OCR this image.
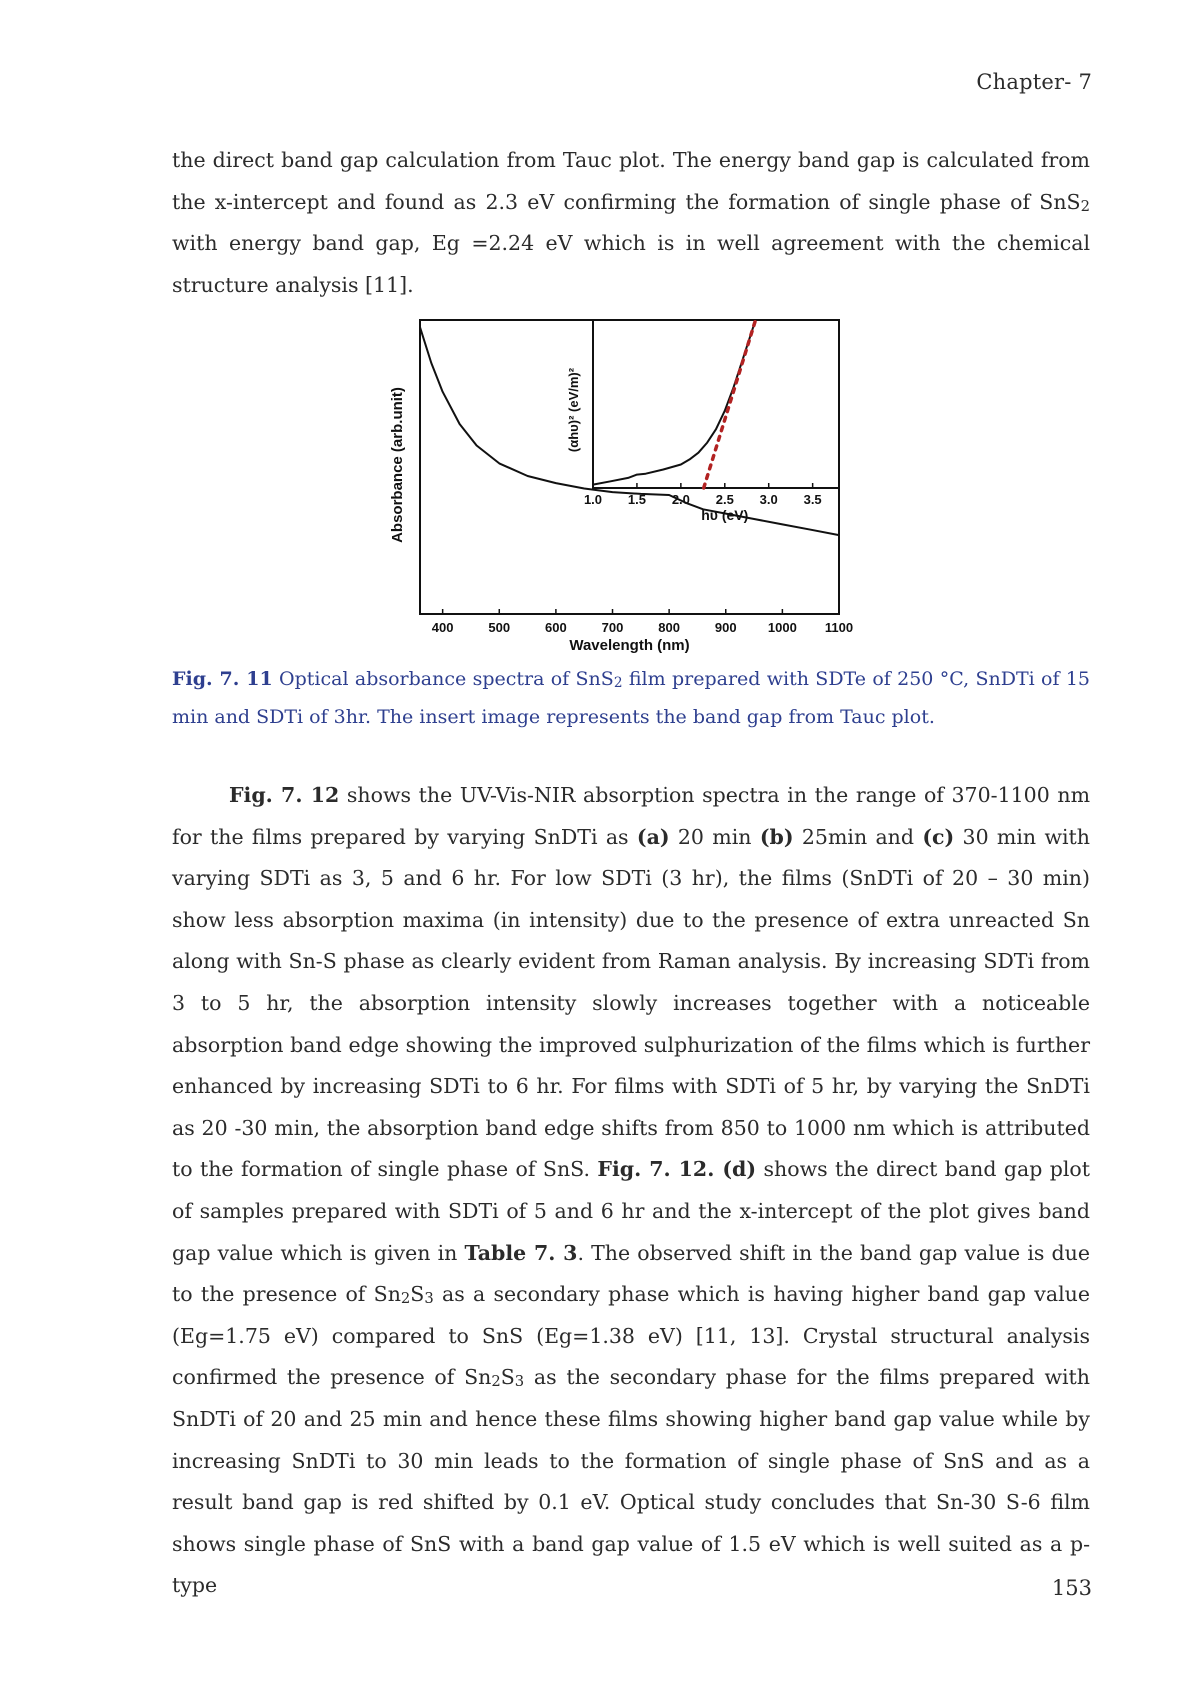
Chapter- 7

the direct band gap calculation from Tauc plot. The energy band gap is calculated from the x-intercept and found as 2.3 eV confirming the formation of single phase of SnS$_2$ with energy band gap, Eg =2.24 eV which is in well agreement with the chemical structure analysis [11].

400	500	600	700	800	900 1000 1100
Wavelength (nm)
Absorbance (arb.unit)	1.0 1.5 2.0 2.5 3.0 3.5
hυ (eV)
(αhυ)² (eV/m)²
Fig. 7. 11 Optical absorbance spectra of SnS$_2$ film prepared with SDTe of 250 °C, SnDTi of 15 min and SDTi of 3hr. The insert image represents the band gap from Tauc plot.

Fig. 7. 12 shows the UV-Vis-NIR absorption spectra in the range of 370-1100 nm for the films prepared by varying SnDTi as (a) 20 min (b) 25min and (c) 30 min with varying SDTi as 3, 5 and 6 hr. For low SDTi (3 hr), the films (SnDTi of 20 – 30 min) show less absorption maxima (in intensity) due to the presence of extra unreacted Sn along with Sn-S phase as clearly evident from Raman analysis. By increasing SDTi from 3 to 5 hr, the absorption intensity slowly increases together with a noticeable absorption band edge showing the improved sulphurization of the films which is further enhanced by increasing SDTi to 6 hr. For films with SDTi of 5 hr, by varying the SnDTi as 20 -30 min, the absorption band edge shifts from 850 to 1000 nm which is attributed to the formation of single phase of SnS. Fig. 7. 12. (d) shows the direct band gap plot of samples prepared with SDTi of 5 and 6 hr and the x-intercept of the plot gives band gap value which is given in Table 7. 3. The observed shift in the band gap value is due to the presence of $Sn_2S_3$ as a secondary phase which is having higher band gap value (Eg=1.75 eV) compared to SnS (Eg=1.38 eV) [11, 13]. Crystal structural analysis confirmed the presence of $Sn_2S_3$ as the secondary phase for the films prepared with SnDTi of 20 and 25 min and hence these films showing higher band gap value while by increasing SnDTi to 30 min leads to the formation of single phase of SnS and as a result band gap is red shifted by 0.1 eV. Optical study concludes that Sn-30 S-6 film shows single phase of SnS with a band gap value of 1.5 eV which is well suited as a p-type	153
